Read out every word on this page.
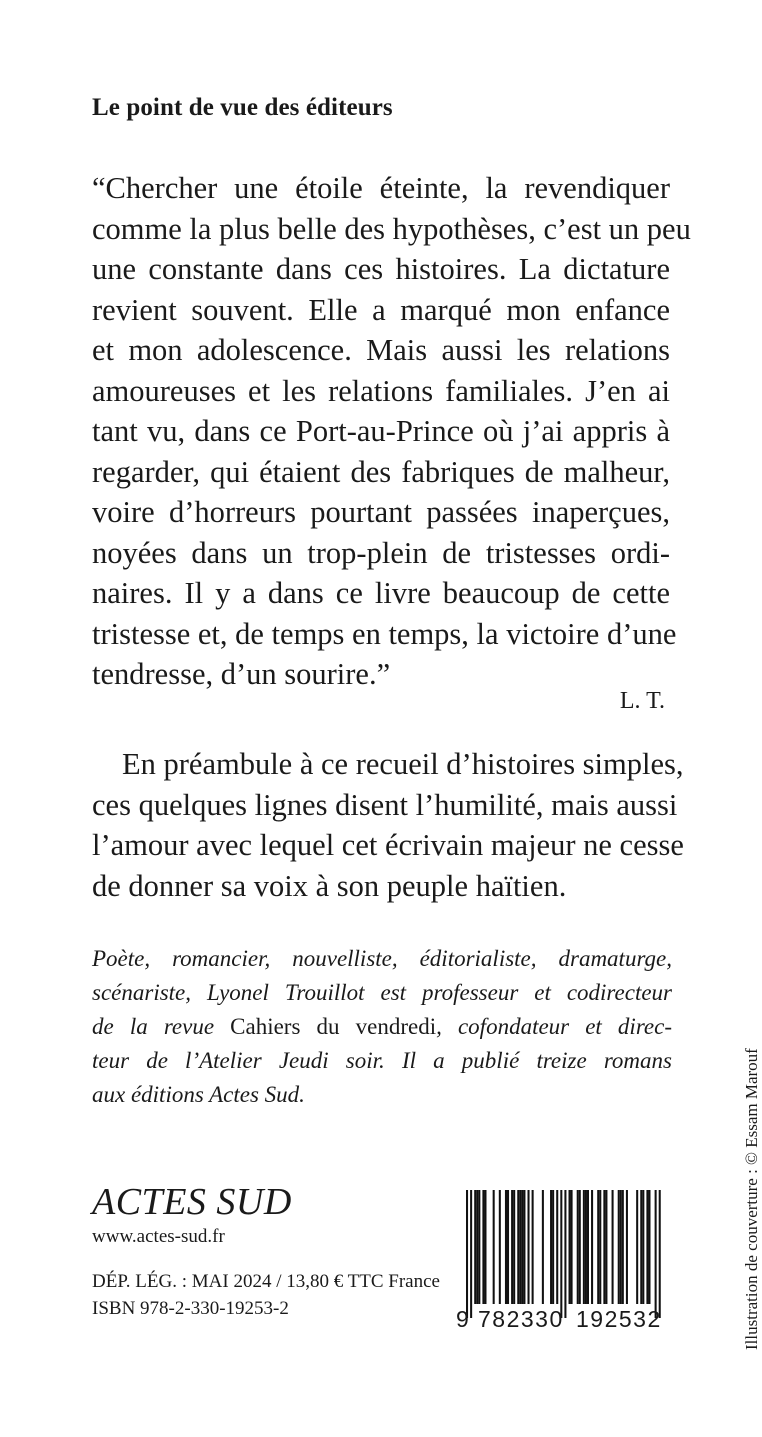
Le point de vue des éditeurs
“Chercher une étoile éteinte, la revendiquer
comme la plus belle des hypothèses, c’est un peu
une constante dans ces histoires. La dictature
revient souvent. Elle a marqué mon enfance
et mon adolescence. Mais aussi les relations
amoureuses et les relations familiales. J’en ai
tant vu, dans ce Port-au-Prince où j’ai appris à
regarder, qui étaient des fabriques de malheur,
voire d’horreurs pourtant passées inaperçues,
noyées dans un trop-plein de tristesses ordi-
naires. Il y a dans ce livre beaucoup de cette
tristesse et, de temps en temps, la victoire d’une
tendresse, d’un sourire.”
L. T.
En préambule à ce recueil d’histoires simples,
ces quelques lignes disent l’humilité, mais aussi
l’amour avec lequel cet écrivain majeur ne cesse
de donner sa voix à son peuple haïtien.
Poète, romancier, nouvelliste, éditorialiste, dramaturge,
scénariste, Lyonel Trouillot est professeur et codirecteur
de la revue Cahiers du vendredi, cofondateur et direc-
teur de l’Atelier Jeudi soir. Il a publié treize romans
aux éditions Actes Sud.
ACTES SUD
www.actes-sud.fr
DÉP. LÉG. : MAI 2024 / 13,80 € TTC France
ISBN 978-2-330-19253-2	9 782330 192532	Illustration de couverture : © Essam Marouf
